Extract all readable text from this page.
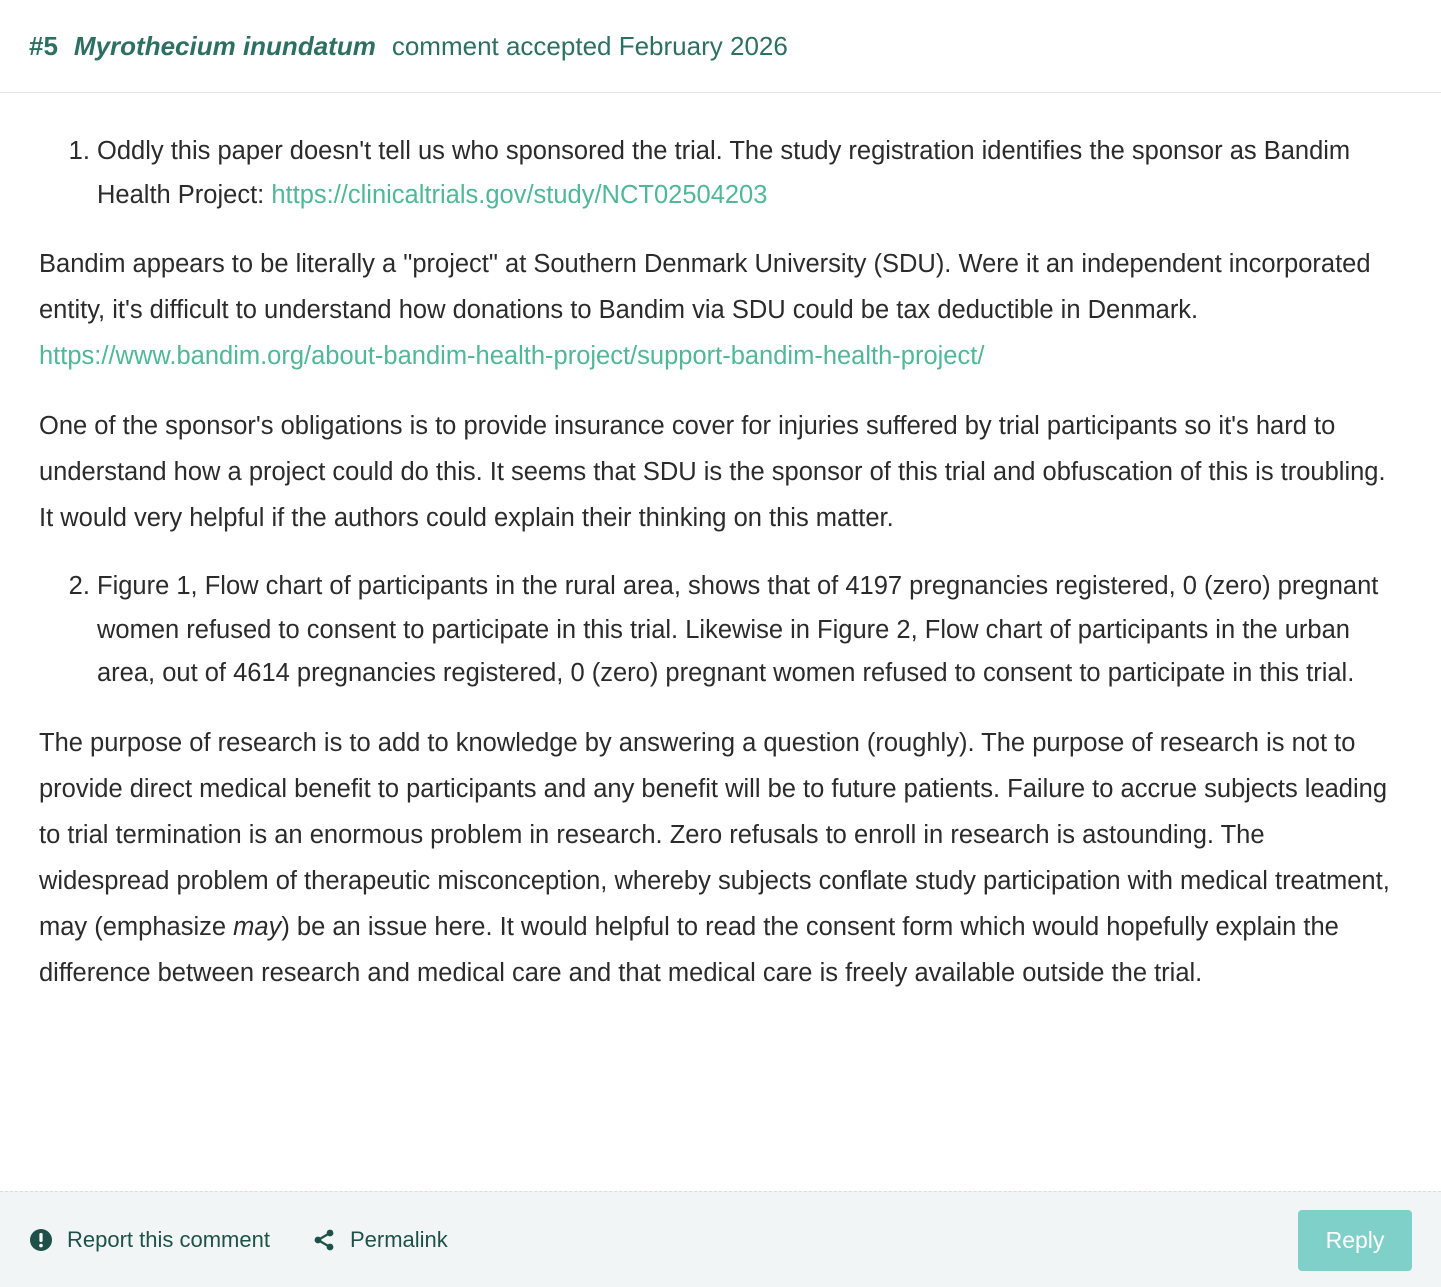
#5 Myrothecium inundatum comment accepted February 2026
1. Oddly this paper doesn't tell us who sponsored the trial. The study registration identifies the sponsor as Bandim Health Project: https://clinicaltrials.gov/study/NCT02504203

Bandim appears to be literally a "project" at Southern Denmark University (SDU). Were it an independent incorporated entity, it's difficult to understand how donations to Bandim via SDU could be tax deductible in Denmark. https://www.bandim.org/about-bandim-health-project/support-bandim-health-project/

One of the sponsor's obligations is to provide insurance cover for injuries suffered by trial participants so it's hard to understand how a project could do this. It seems that SDU is the sponsor of this trial and obfuscation of this is troubling. It would very helpful if the authors could explain their thinking on this matter.

2. Figure 1, Flow chart of participants in the rural area, shows that of 4197 pregnancies registered, 0 (zero) pregnant women refused to consent to participate in this trial. Likewise in Figure 2, Flow chart of participants in the urban area, out of 4614 pregnancies registered, 0 (zero) pregnant women refused to consent to participate in this trial.

The purpose of research is to add to knowledge by answering a question (roughly). The purpose of research is not to provide direct medical benefit to participants and any benefit will be to future patients. Failure to accrue subjects leading to trial termination is an enormous problem in research. Zero refusals to enroll in research is astounding. The widespread problem of therapeutic misconception, whereby subjects conflate study participation with medical treatment, may (emphasize may) be an issue here. It would helpful to read the consent form which would hopefully explain the difference between research and medical care and that medical care is freely available outside the trial.

Report this comment	Permalink	Reply
